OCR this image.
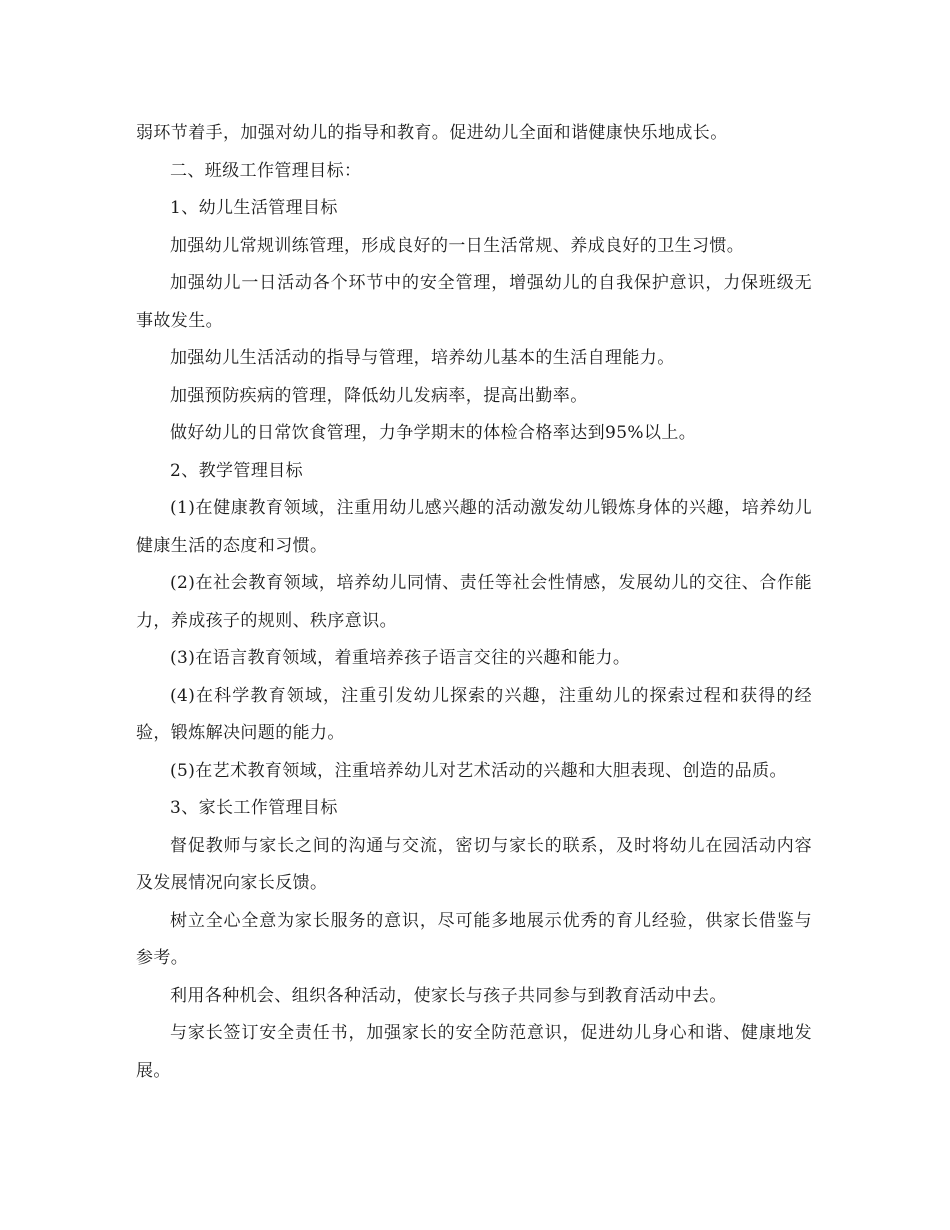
弱环节着手，加强对幼儿的指导和教育。促进幼儿全面和谐健康快乐地成长。

二、班级工作管理目标：

1、幼儿生活管理目标

加强幼儿常规训练管理，形成良好的一日生活常规、养成良好的卫生习惯。

加强幼儿一日活动各个环节中的安全管理，增强幼儿的自我保护意识，力保班级无事故发生。

加强幼儿生活活动的指导与管理，培养幼儿基本的生活自理能力。

加强预防疾病的管理，降低幼儿发病率，提高出勤率。

做好幼儿的日常饮食管理，力争学期末的体检合格率达到95%以上。

2、教学管理目标

(1)在健康教育领域，注重用幼儿感兴趣的活动激发幼儿锻炼身体的兴趣，培养幼儿健康生活的态度和习惯。

(2)在社会教育领域，培养幼儿同情、责任等社会性情感，发展幼儿的交往、合作能力，养成孩子的规则、秩序意识。

(3)在语言教育领域，着重培养孩子语言交往的兴趣和能力。

(4)在科学教育领域，注重引发幼儿探索的兴趣，注重幼儿的探索过程和获得的经验，锻炼解决问题的能力。

(5)在艺术教育领域，注重培养幼儿对艺术活动的兴趣和大胆表现、创造的品质。

3、家长工作管理目标

督促教师与家长之间的沟通与交流，密切与家长的联系，及时将幼儿在园活动内容及发展情况向家长反馈。

树立全心全意为家长服务的意识，尽可能多地展示优秀的育儿经验，供家长借鉴与参考。

利用各种机会、组织各种活动，使家长与孩子共同参与到教育活动中去。

与家长签订安全责任书，加强家长的安全防范意识，促进幼儿身心和谐、健康地发展。
